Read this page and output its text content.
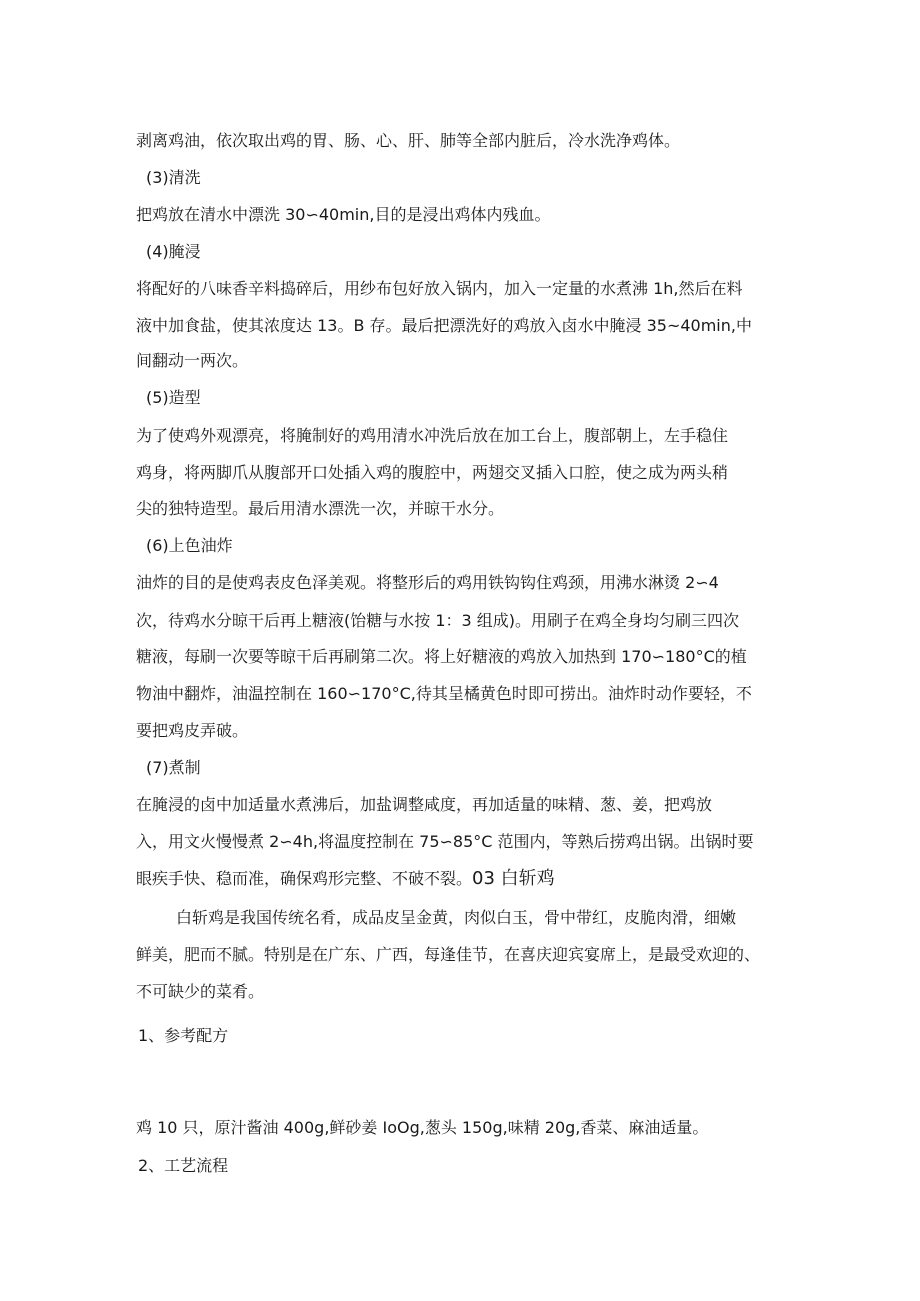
剥离鸡油，依次取出鸡的胃、肠、心、肝、肺等全部内脏后，冷水洗净鸡体。

(3)清洗

把鸡放在清水中漂洗 30∽40min,目的是浸出鸡体内残血。

(4)腌浸

将配好的八味香辛料捣碎后，用纱布包好放入锅内，加入一定量的水煮沸 1h,然后在料

液中加食盐，使其浓度达 13。B 存。最后把漂洗好的鸡放入卤水中腌浸 35~40min,中

间翻动一两次。

(5)造型

为了使鸡外观漂亮，将腌制好的鸡用清水冲洗后放在加工台上，腹部朝上，左手稳住

鸡身，将两脚爪从腹部开口处插入鸡的腹腔中，两翅交叉插入口腔，使之成为两头稍

尖的独特造型。最后用清水漂洗一次，并晾干水分。

(6)上色油炸

油炸的目的是使鸡表皮色泽美观。将整形后的鸡用铁钩钩住鸡颈，用沸水淋烫 2∽4

次，待鸡水分晾干后再上糖液(饴糖与水按 1：3 组成)。用刷子在鸡全身均匀刷三四次

糖液，每刷一次要等晾干后再刷第二次。将上好糖液的鸡放入加热到 170∽180°C的植

物油中翻炸，油温控制在 160∽170°C,待其呈橘黄色时即可捞出。油炸时动作要轻，不

要把鸡皮弄破。

(7)煮制

在腌浸的卤中加适量水煮沸后，加盐调整咸度，再加适量的味精、葱、姜，把鸡放

入，用文火慢慢煮 2∽4h,将温度控制在 75∽85°C 范围内，等熟后捞鸡出锅。出锅时要

眼疾手快、稳而准，确保鸡形完整、不破不裂。03 白斩鸡

白斩鸡是我国传统名肴，成品皮呈金黄，肉似白玉，骨中带红，皮脆肉滑，细嫩

鲜美，肥而不腻。特别是在广东、广西，每逢佳节，在喜庆迎宾宴席上，是最受欢迎的、

不可缺少的菜肴。

1、参考配方

鸡 10 只，原汁酱油 400g,鲜砂姜 IoOg,葱头 150g,味精 20g,香菜、麻油适量。

2、工艺流程
